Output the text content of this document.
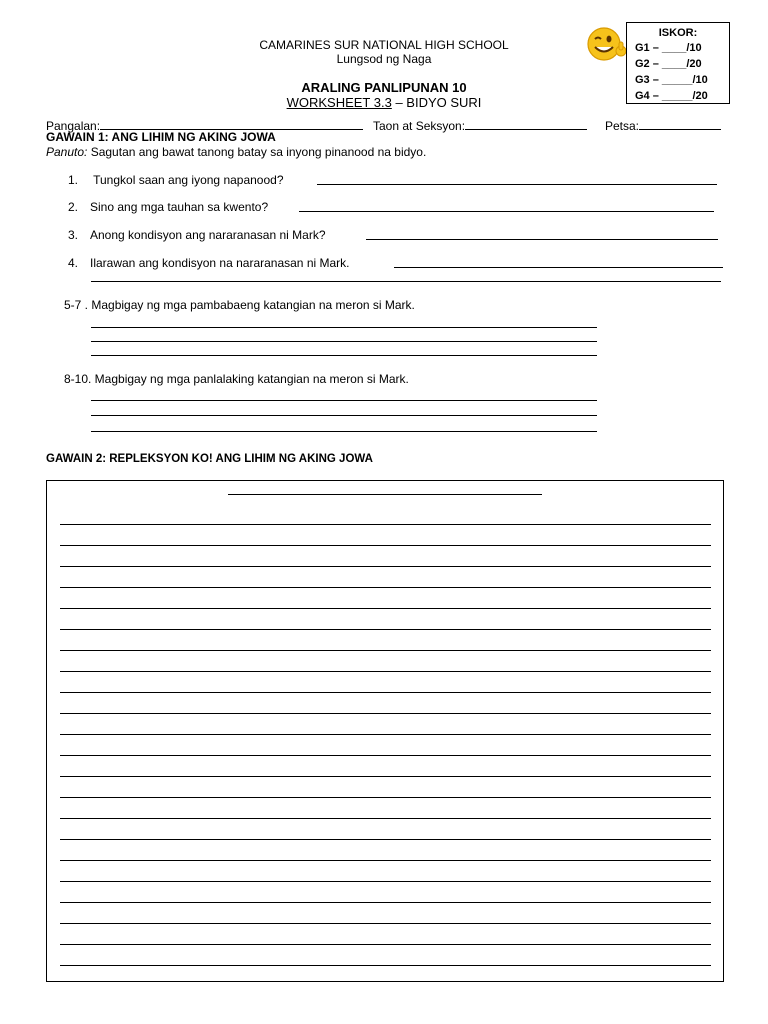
CAMARINES SUR NATIONAL HIGH SCHOOL
Lungsod ng Naga
ARALING PANLIPUNAN 10
WORKSHEET 3.3 – BIDYO SURI
ISKOR:
G1 – ____/10
G2 – ____/20
G3 – _____/10
G4 – _____/20
Pangalan:	Taon at Seksyon:	Petsa:
GAWAIN 1: ANG LIHIM NG AKING JOWA
Panuto: Sagutan ang bawat tanong batay sa inyong pinanood na bidyo.
1. Tungkol saan ang iyong napanood?
2. Sino ang mga tauhan sa kwento?
3. Anong kondisyon ang nararanasan ni Mark?
4. Ilarawan ang kondisyon na nararanasan ni Mark.
5-7 . Magbigay ng mga pambabaeng katangian na meron si Mark.
8-10. Magbigay ng mga panlalaking katangian na meron si Mark.
GAWAIN 2: REPLEKSYON KO! ANG LIHIM NG AKING JOWA
